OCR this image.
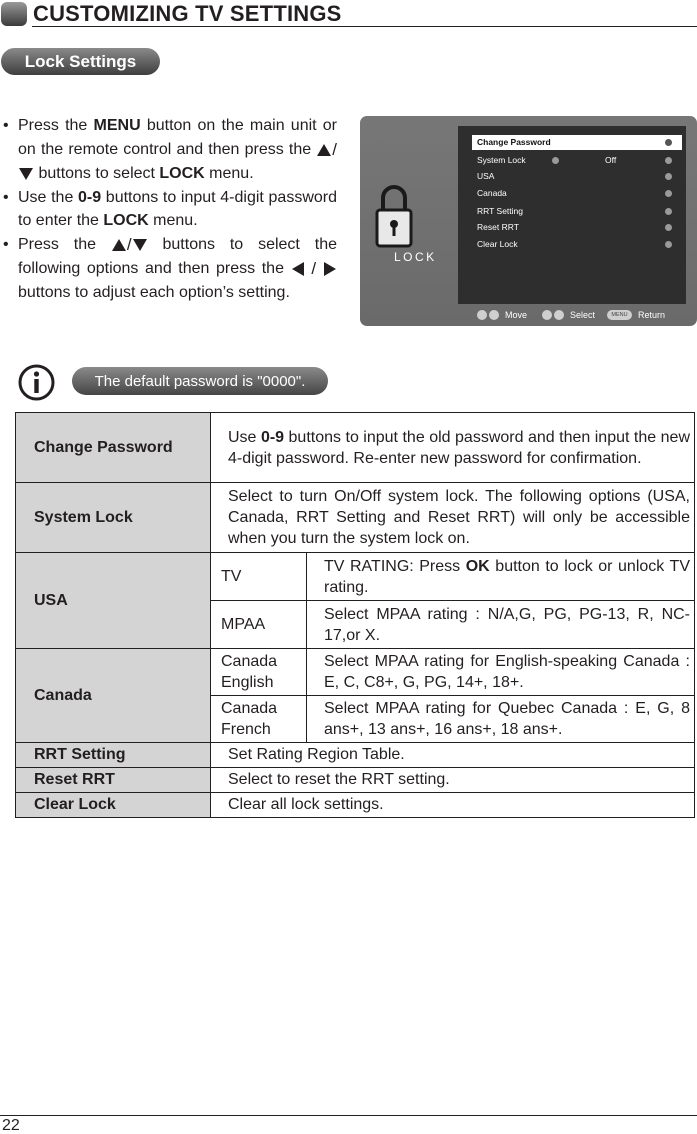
CUSTOMIZING TV SETTINGS
Lock Settings
• Press the MENU button on the main unit or on the remote control and then press the / buttons to select LOCK menu.
• Use the 0-9 buttons to input 4-digit password to enter the LOCK menu.
• Press the / buttons to select the following options and then press the  /  buttons to adjust each option’s setting.
LOCK
Change Password
System Lock	Off
USA
Canada
RRT Setting
Reset RRT
Clear Lock
Move	Select	MENU	Return
The default password is "0000".
Change Password	Use 0-9 buttons to input the old password and then input the new 4-digit password. Re-enter new password for confirmation.	
System Lock	Select to turn On/Off system lock. The following options (USA, Canada, RRT Setting and Reset RRT) will only be accessible when you turn the system lock on.	
USA	TV	TV RATING: Press OK button to lock or unlock TV rating.
	MPAA	Select MPAA rating : N/A,G, PG, PG-13, R, NC-17,or X.
Canada	Canada English	Select MPAA rating for English-speaking Canada : E, C, C8+, G, PG, 14+, 18+.
	Canada French	Select MPAA rating for Quebec Canada : E, G, 8 ans+, 13 ans+, 16 ans+, 18 ans+.
RRT Setting	Set Rating Region Table.	
Reset RRT	Select to reset the RRT setting.	
Clear Lock	Clear all lock settings.	
22
